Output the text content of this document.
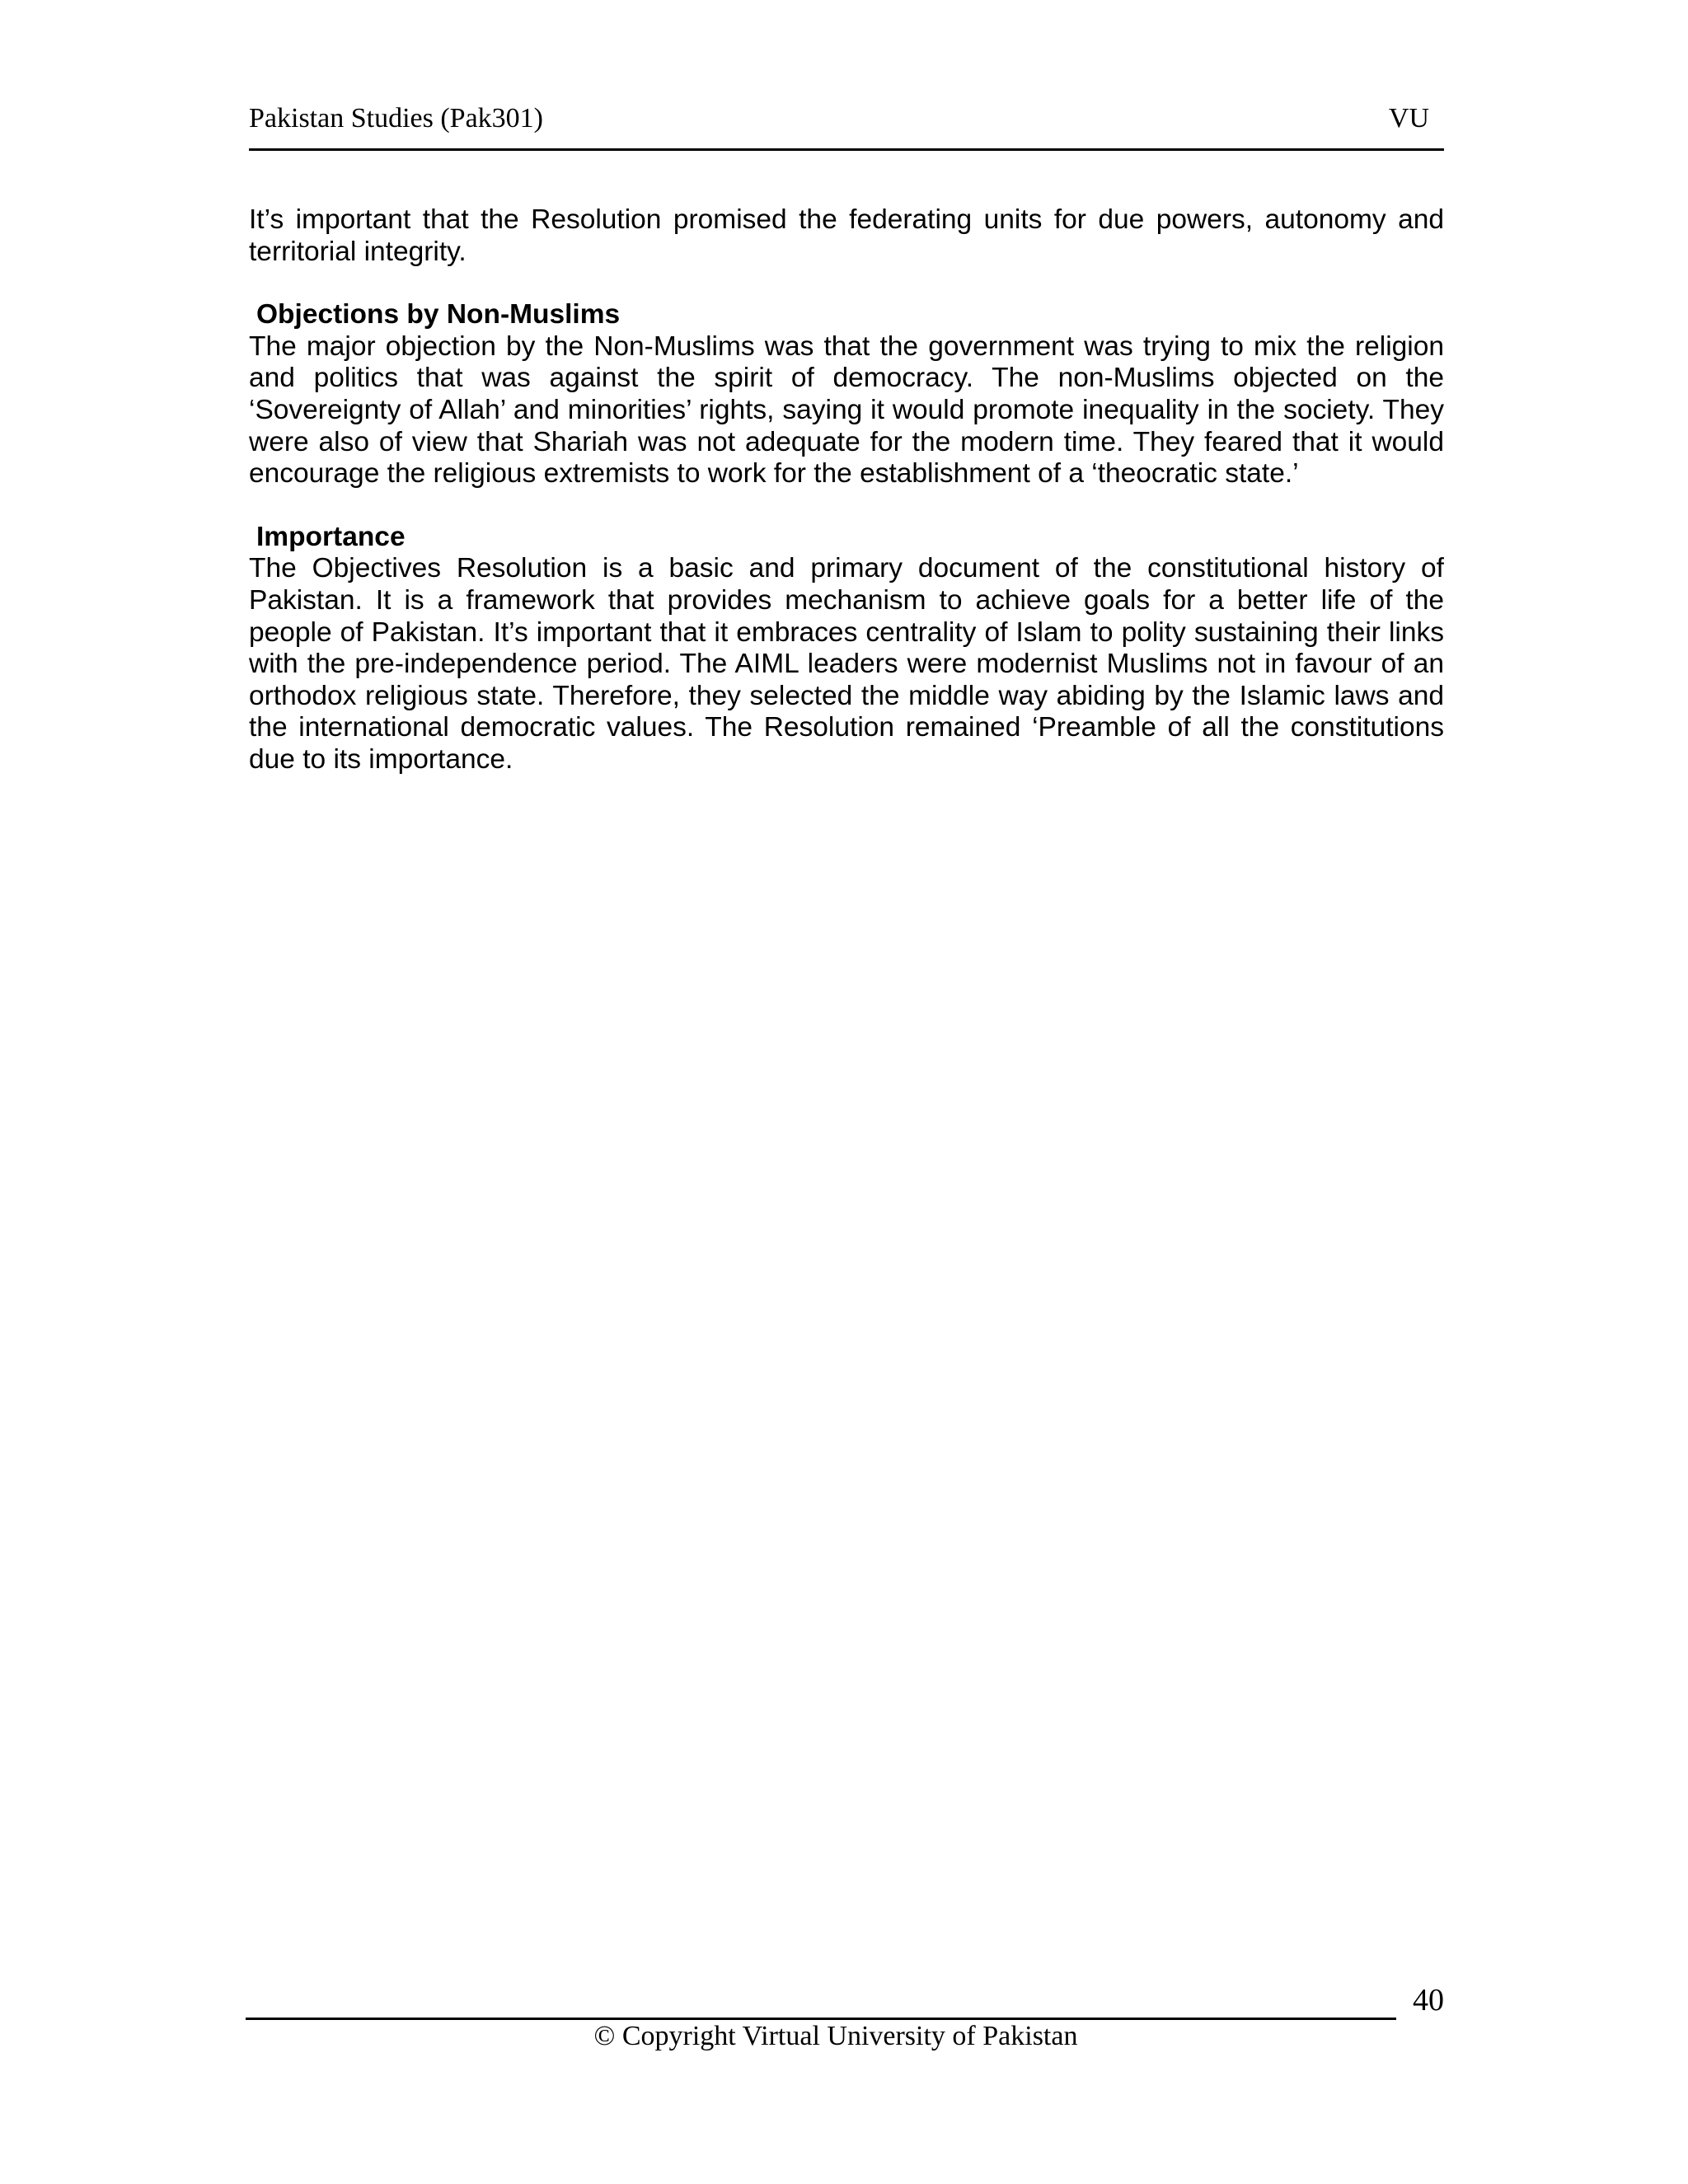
Pakistan Studies (Pak301)	VU

It’s important that the Resolution promised the federating units for due powers, autonomy and territorial integrity.

Objections by Non-Muslims

The major objection by the Non-Muslims was that the government was trying to mix the religion and politics that was against the spirit of democracy. The non-Muslims objected on the ‘Sovereignty of Allah’ and minorities’ rights, saying it would promote inequality in the society. They were also of view that Shariah was not adequate for the modern time. They feared that it would encourage the religious extremists to work for the establishment of a ‘theocratic state.’

Importance

The Objectives Resolution is a basic and primary document of the constitutional history of Pakistan. It is a framework that provides mechanism to achieve goals for a better life of the people of Pakistan. It’s important that it embraces centrality of Islam to polity sustaining their links with the pre-independence period. The AIML leaders were modernist Muslims not in favour of an orthodox religious state. Therefore, they selected the middle way abiding by the Islamic laws and the international democratic values. The Resolution remained ‘Preamble of all the constitutions due to its importance.

40
© Copyright Virtual University of Pakistan
